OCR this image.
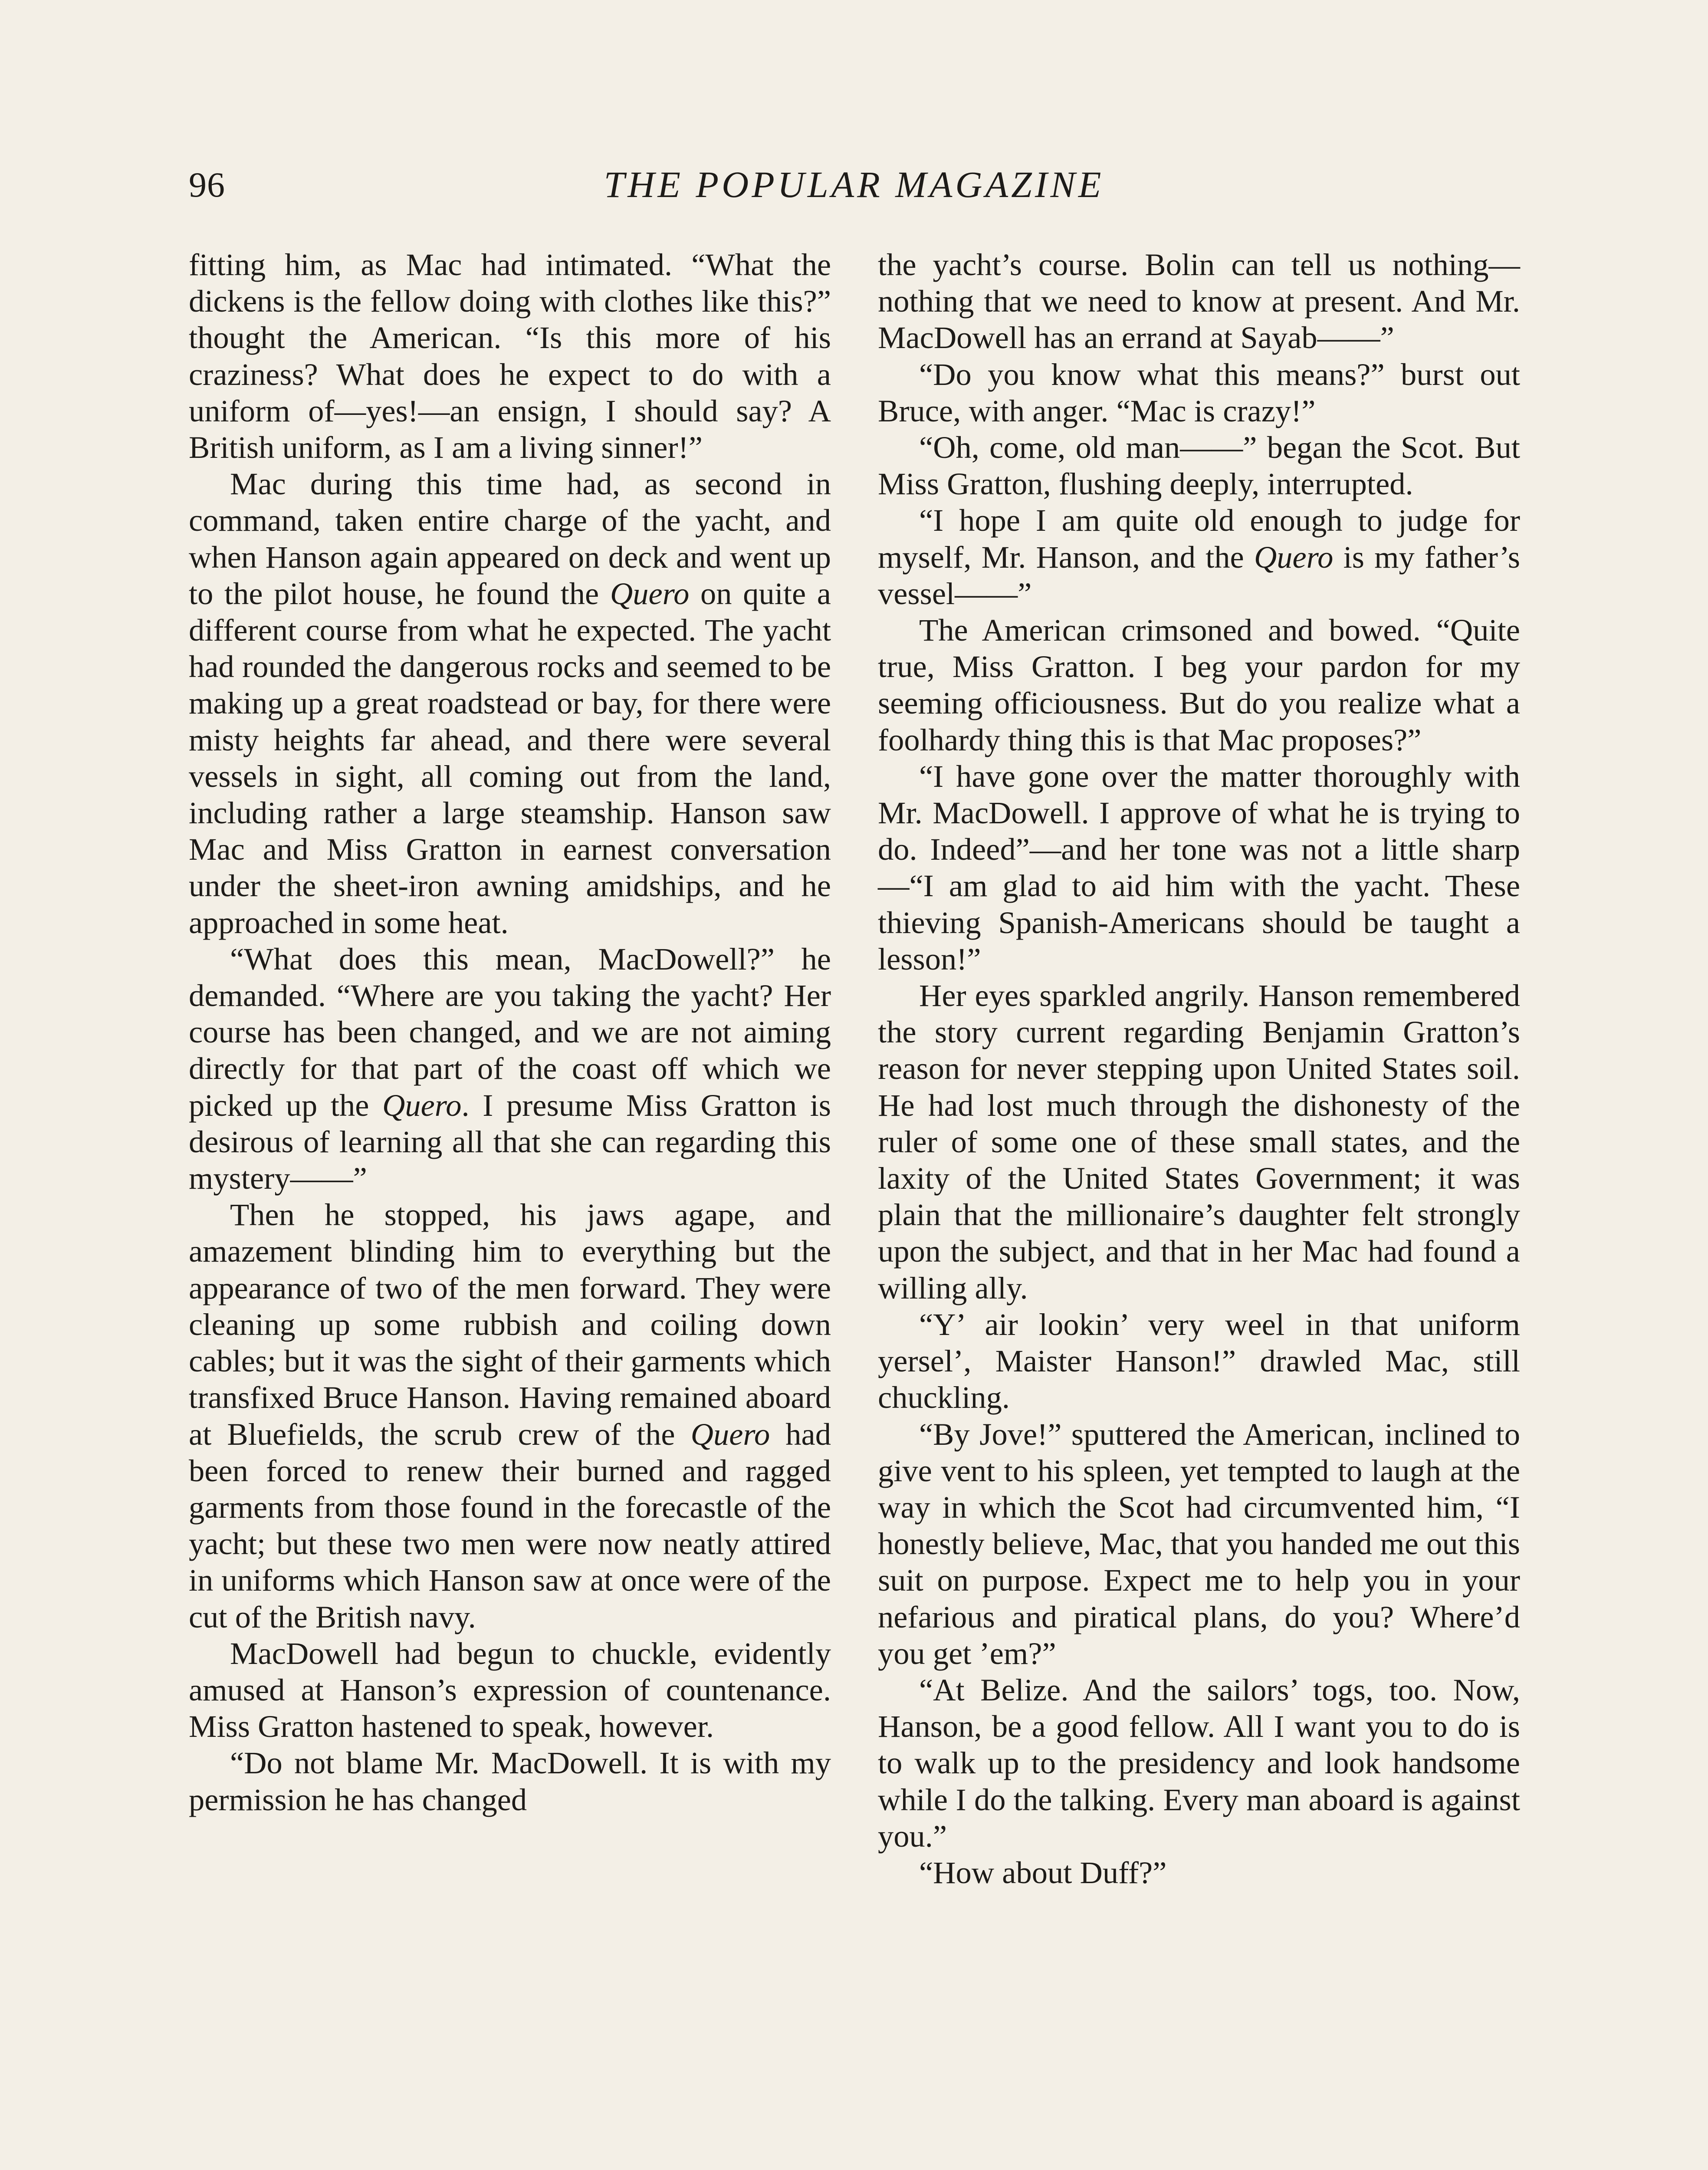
96	THE POPULAR MAGAZINE

fitting him, as Mac had intimated. “What the dickens is the fellow doing with clothes like this?” thought the American. “Is this more of his craziness? What does he expect to do with a uniform of—yes!—an ensign, I should say? A British uniform, as I am a living sinner!”

Mac during this time had, as second in command, taken entire charge of the yacht, and when Hanson again appeared on deck and went up to the pilot house, he found the Quero on quite a different course from what he expected. The yacht had rounded the dangerous rocks and seemed to be making up a great roadstead or bay, for there were misty heights far ahead, and there were several vessels in sight, all coming out from the land, including rather a large steamship. Hanson saw Mac and Miss Gratton in earnest conversation under the sheet-iron awning amidships, and he approached in some heat.

“What does this mean, MacDowell?” he demanded. “Where are you taking the yacht? Her course has been changed, and we are not aiming directly for that part of the coast off which we picked up the Quero. I presume Miss Gratton is desirous of learning all that she can regarding this mystery——”

Then he stopped, his jaws agape, and amazement blinding him to everything but the appearance of two of the men forward. They were cleaning up some rubbish and coiling down cables; but it was the sight of their garments which transfixed Bruce Hanson. Having remained aboard at Bluefields, the scrub crew of the Quero had been forced to renew their burned and ragged garments from those found in the forecastle of the yacht; but these two men were now neatly attired in uniforms which Hanson saw at once were of the cut of the British navy.

MacDowell had begun to chuckle, evidently amused at Hanson’s expression of countenance. Miss Gratton hastened to speak, however.

“Do not blame Mr. MacDowell. It is with my permission he has changed

the yacht’s course. Bolin can tell us nothing—nothing that we need to know at present. And Mr. MacDowell has an errand at Sayab——”

“Do you know what this means?” burst out Bruce, with anger. “Mac is crazy!”

“Oh, come, old man——” began the Scot. But Miss Gratton, flushing deeply, interrupted.

“I hope I am quite old enough to judge for myself, Mr. Hanson, and the Quero is my father’s vessel——”

The American crimsoned and bowed. “Quite true, Miss Gratton. I beg your pardon for my seeming officiousness. But do you realize what a foolhardy thing this is that Mac proposes?”

“I have gone over the matter thoroughly with Mr. MacDowell. I approve of what he is trying to do. Indeed”—and her tone was not a little sharp—“I am glad to aid him with the yacht. These thieving Spanish-Americans should be taught a lesson!”

Her eyes sparkled angrily. Hanson remembered the story current regarding Benjamin Gratton’s reason for never stepping upon United States soil. He had lost much through the dishonesty of the ruler of some one of these small states, and the laxity of the United States Government; it was plain that the millionaire’s daughter felt strongly upon the subject, and that in her Mac had found a willing ally.

“Y’ air lookin’ very weel in that uniform yersel’, Maister Hanson!” drawled Mac, still chuckling.

“By Jove!” sputtered the American, inclined to give vent to his spleen, yet tempted to laugh at the way in which the Scot had circumvented him, “I honestly believe, Mac, that you handed me out this suit on purpose. Expect me to help you in your nefarious and piratical plans, do you? Where’d you get ’em?”

“At Belize. And the sailors’ togs, too. Now, Hanson, be a good fellow. All I want you to do is to walk up to the presidency and look handsome while I do the talking. Every man aboard is against you.”

“How about Duff?”
